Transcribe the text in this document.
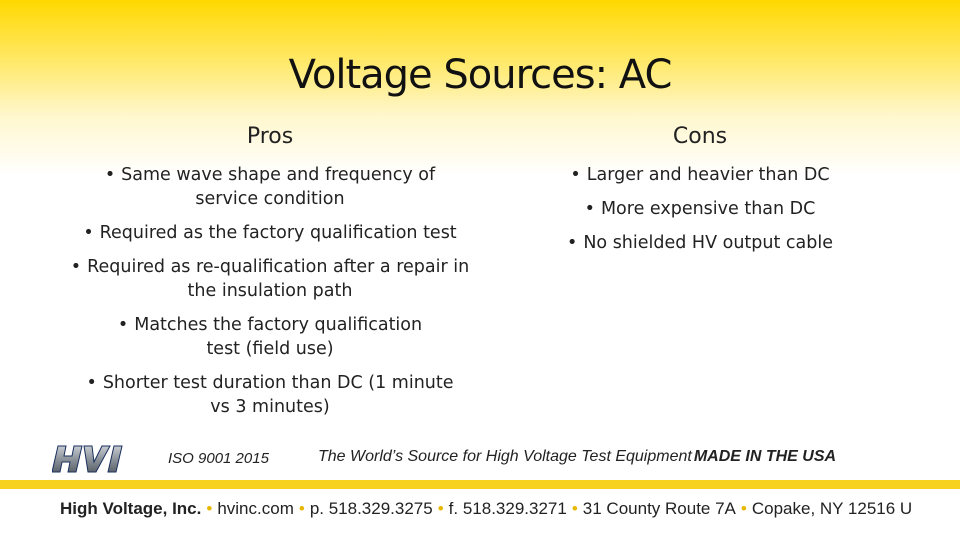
Voltage Sources: AC
Pros
• Same wave shape and frequency of service condition
• Required as the factory qualification test
• Required as re-qualification after a repair in the insulation path
• Matches the factory qualification test (field use)
• Shorter test duration than DC (1 minute vs 3 minutes)
Cons
• Larger and heavier than DC
• More expensive than DC
• No shielded HV output cable
ISO 9001 2015	The World’s Source for High Voltage Test Equipment MADE IN THE USA
High Voltage, Inc. • hvinc.com • p. 518.329.3275 • f. 518.329.3271 • 31 County Route 7A • Copake, NY 12516 U
